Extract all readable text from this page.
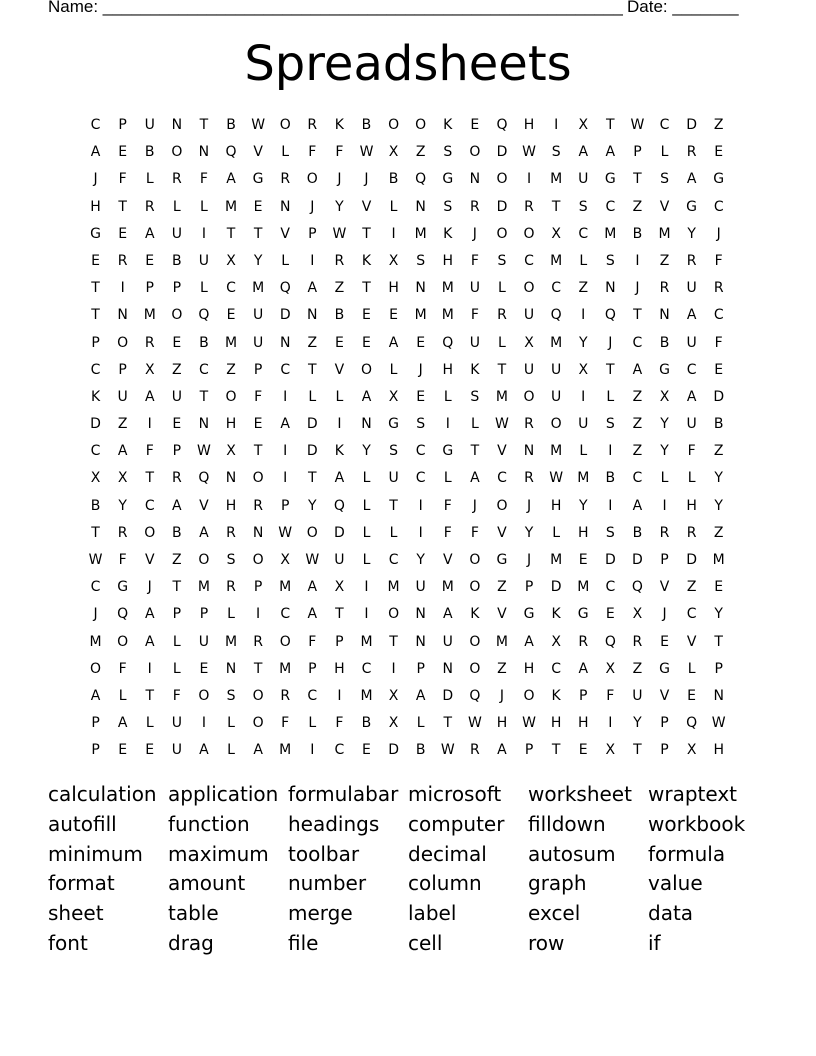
Name: _______________________________________________________ Date: _______
Spreadsheets
C	P	U	N	T	B	W	O	R	K	B	O	O	K	E	Q	H	I	X	T	W	C	D	Z
A	E	B	O	N	Q	V	L	F	F	W	X	Z	S	O	D	W	S	A	A	P	L	R	E
J	F	L	R	F	A	G	R	O	J	J	B	Q	G	N	O	I	M	U	G	T	S	A	G
H	T	R	L	L	M	E	N	J	Y	V	L	N	S	R	D	R	T	S	C	Z	V	G	C
G	E	A	U	I	T	T	V	P	W	T	I	M	K	J	O	O	X	C	M	B	M	Y	J
E	R	E	B	U	X	Y	L	I	R	K	X	S	H	F	S	C	M	L	S	I	Z	R	F
T	I	P	P	L	C	M	Q	A	Z	T	H	N	M	U	L	O	C	Z	N	J	R	U	R
T	N	M	O	Q	E	U	D	N	B	E	E	M	M	F	R	U	Q	I	Q	T	N	A	C
P	O	R	E	B	M	U	N	Z	E	E	A	E	Q	U	L	X	M	Y	J	C	B	U	F
C	P	X	Z	C	Z	P	C	T	V	O	L	J	H	K	T	U	U	X	T	A	G	C	E
K	U	A	U	T	O	F	I	L	L	A	X	E	L	S	M	O	U	I	L	Z	X	A	D
D	Z	I	E	N	H	E	A	D	I	N	G	S	I	L	W	R	O	U	S	Z	Y	U	B
C	A	F	P	W	X	T	I	D	K	Y	S	C	G	T	V	N	M	L	I	Z	Y	F	Z
X	X	T	R	Q	N	O	I	T	A	L	U	C	L	A	C	R	W	M	B	C	L	L	Y
B	Y	C	A	V	H	R	P	Y	Q	L	T	I	F	J	O	J	H	Y	I	A	I	H	Y
T	R	O	B	A	R	N	W	O	D	L	L	I	F	F	V	Y	L	H	S	B	R	R	Z
W	F	V	Z	O	S	O	X	W	U	L	C	Y	V	O	G	J	M	E	D	D	P	D	M
C	G	J	T	M	R	P	M	A	X	I	M	U	M	O	Z	P	D	M	C	Q	V	Z	E
J	Q	A	P	P	L	I	C	A	T	I	O	N	A	K	V	G	K	G	E	X	J	C	Y
M	O	A	L	U	M	R	O	F	P	M	T	N	U	O	M	A	X	R	Q	R	E	V	T
O	F	I	L	E	N	T	M	P	H	C	I	P	N	O	Z	H	C	A	X	Z	G	L	P
A	L	T	F	O	S	O	R	C	I	M	X	A	D	Q	J	O	K	P	F	U	V	E	N
P	A	L	U	I	L	O	F	L	F	B	X	L	T	W	H	W	H	H	I	Y	P	Q	W
P	E	E	U	A	L	A	M	I	C	E	D	B	W	R	A	P	T	E	X	T	P	X	H
calculation application formulabar microsoft	worksheet wraptext
autofill	function	headings	computer	filldown	workbook
minimum	maximum toolbar	decimal	autosum	formula
format	amount	number	column	graph	value
sheet	table	merge	label	excel	data
font	drag	file	cell	row	if
